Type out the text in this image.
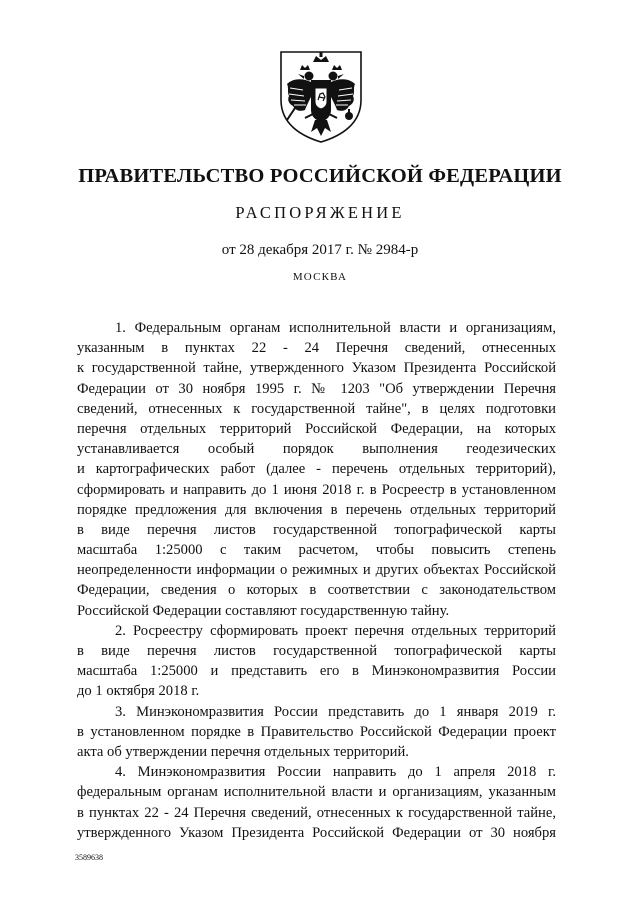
ПРАВИТЕЛЬСТВО РОССИЙСКОЙ ФЕДЕРАЦИИ
РАСПОРЯЖЕНИЕ
от 28 декабря 2017 г. № 2984-р
МОСКВА
1. Федеральным органам исполнительной власти и организациям,
указанным в пунктах 22 - 24 Перечня сведений, отнесенных
к государственной тайне, утвержденного Указом Президента Российской
Федерации от 30 ноября 1995 г. № 1203 "Об утверждении Перечня
сведений, отнесенных к государственной тайне", в целях подготовки
перечня отдельных территорий Российской Федерации, на которых
устанавливается особый порядок выполнения геодезических
и картографических работ (далее - перечень отдельных территорий),
сформировать и направить до 1 июня 2018 г. в Росреестр в установленном
порядке предложения для включения в перечень отдельных территорий
в виде перечня листов государственной топографической карты
масштаба 1:25000 с таким расчетом, чтобы повысить степень
неопределенности информации о режимных и других объектах Российской
Федерации, сведения о которых в соответствии с законодательством
Российской Федерации составляют государственную тайну.
2. Росреестру сформировать проект перечня отдельных территорий
в виде перечня листов государственной топографической карты
масштаба 1:25000 и представить его в Минэкономразвития России
до 1 октября 2018 г.
3. Минэкономразвития России представить до 1 января 2019 г.
в установленном порядке в Правительство Российской Федерации проект
акта об утверждении перечня отдельных территорий.
4. Минэкономразвития России направить до 1 апреля 2018 г.
федеральным органам исполнительной власти и организациям, указанным
в пунктах 22 - 24 Перечня сведений, отнесенных к государственной тайне,
утвержденного Указом Президента Российской Федерации от 30 ноября
3589638
